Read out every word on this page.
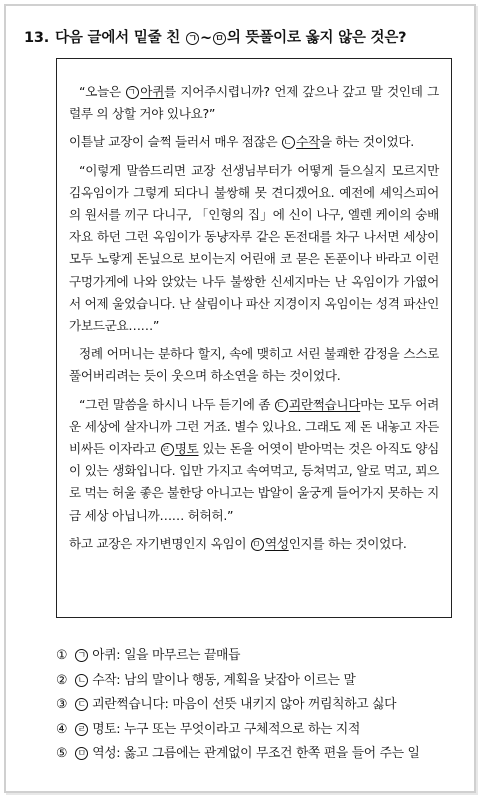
13. 다음 글에서 밑줄 친 ㄱ ~ ㅁ 의 뜻풀이로 옳지 않은 것은?

“오늘은 ㄱ 아퀴를 지어주시렵니까? 언제 갚으나 갚고 말 것인데 그럴루 의 상할 거야 있나요?”

이튿날 교장이 슬쩍 들러서 매우 점잖은 ㄴ 수작을 하는 것이었다.

“이렇게 말씀드리면 교장 선생님부터가 어떻게 들으실지 모르지만 김옥임이가 그렇게 되다니 불쌍해 못 견디겠어요. 예전에 셰익스피어의 원서를 끼구 다니구, 「인형의 집」에 신이 나구, 엘렌 케이의 숭배자요 하던 그런 옥임이가 동냥자루 같은 돈전대를 차구 나서면 세상이 모두 노랗게 돈닢으로 보이는지 어린애 코 묻은 돈푼이나 바라고 이런 구멍가게에 나와 앉았는 나두 불쌍한 신세지마는 난 옥임이가 가엾어서 어제 울었습니다. 난 살림이나 파산 지경이지 옥임이는 성격 파산인가보드군요……”

정례 어머니는 분하다 할지, 속에 맺히고 서린 불쾌한 감정을 스스로 풀어버리려는 듯이 웃으며 하소연을 하는 것이었다.

“그런 말씀을 하시니 나두 듣기에 좀 ㄷ 괴란쩍습니다마는 모두 어려운 세상에 살자니까 그런 거죠. 별수 있나요. 그래도 제 돈 내놓고 자든 비싸든 이자라고 ㄹ 명토 있는 돈을 어엿이 받아먹는 것은 아직도 양심이 있는 생화입니다. 입만 가지고 속여먹고, 등쳐먹고, 알로 먹고, 꾀으로 먹는 허울 좋은 불한당 아니고는 밥알이 울궁게 들어가지 못하는 지금 세상 아닙니까…… 허허허.”

하고 교장은 자기변명인지 옥임이 ㅁ 역성인지를 하는 것이었다.

① ㄱ 아퀴: 일을 마무르는 끝매듭
② ㄴ 수작: 남의 말이나 행동, 계획을 낮잡아 이르는 말
③ ㄷ 괴란쩍습니다: 마음이 선뜻 내키지 않아 꺼림칙하고 싫다
④ ㄹ 명토: 누구 또는 무엇이라고 구체적으로 하는 지적
⑤ ㅁ 역성: 옳고 그름에는 관계없이 무조건 한쪽 편을 들어 주는 일
